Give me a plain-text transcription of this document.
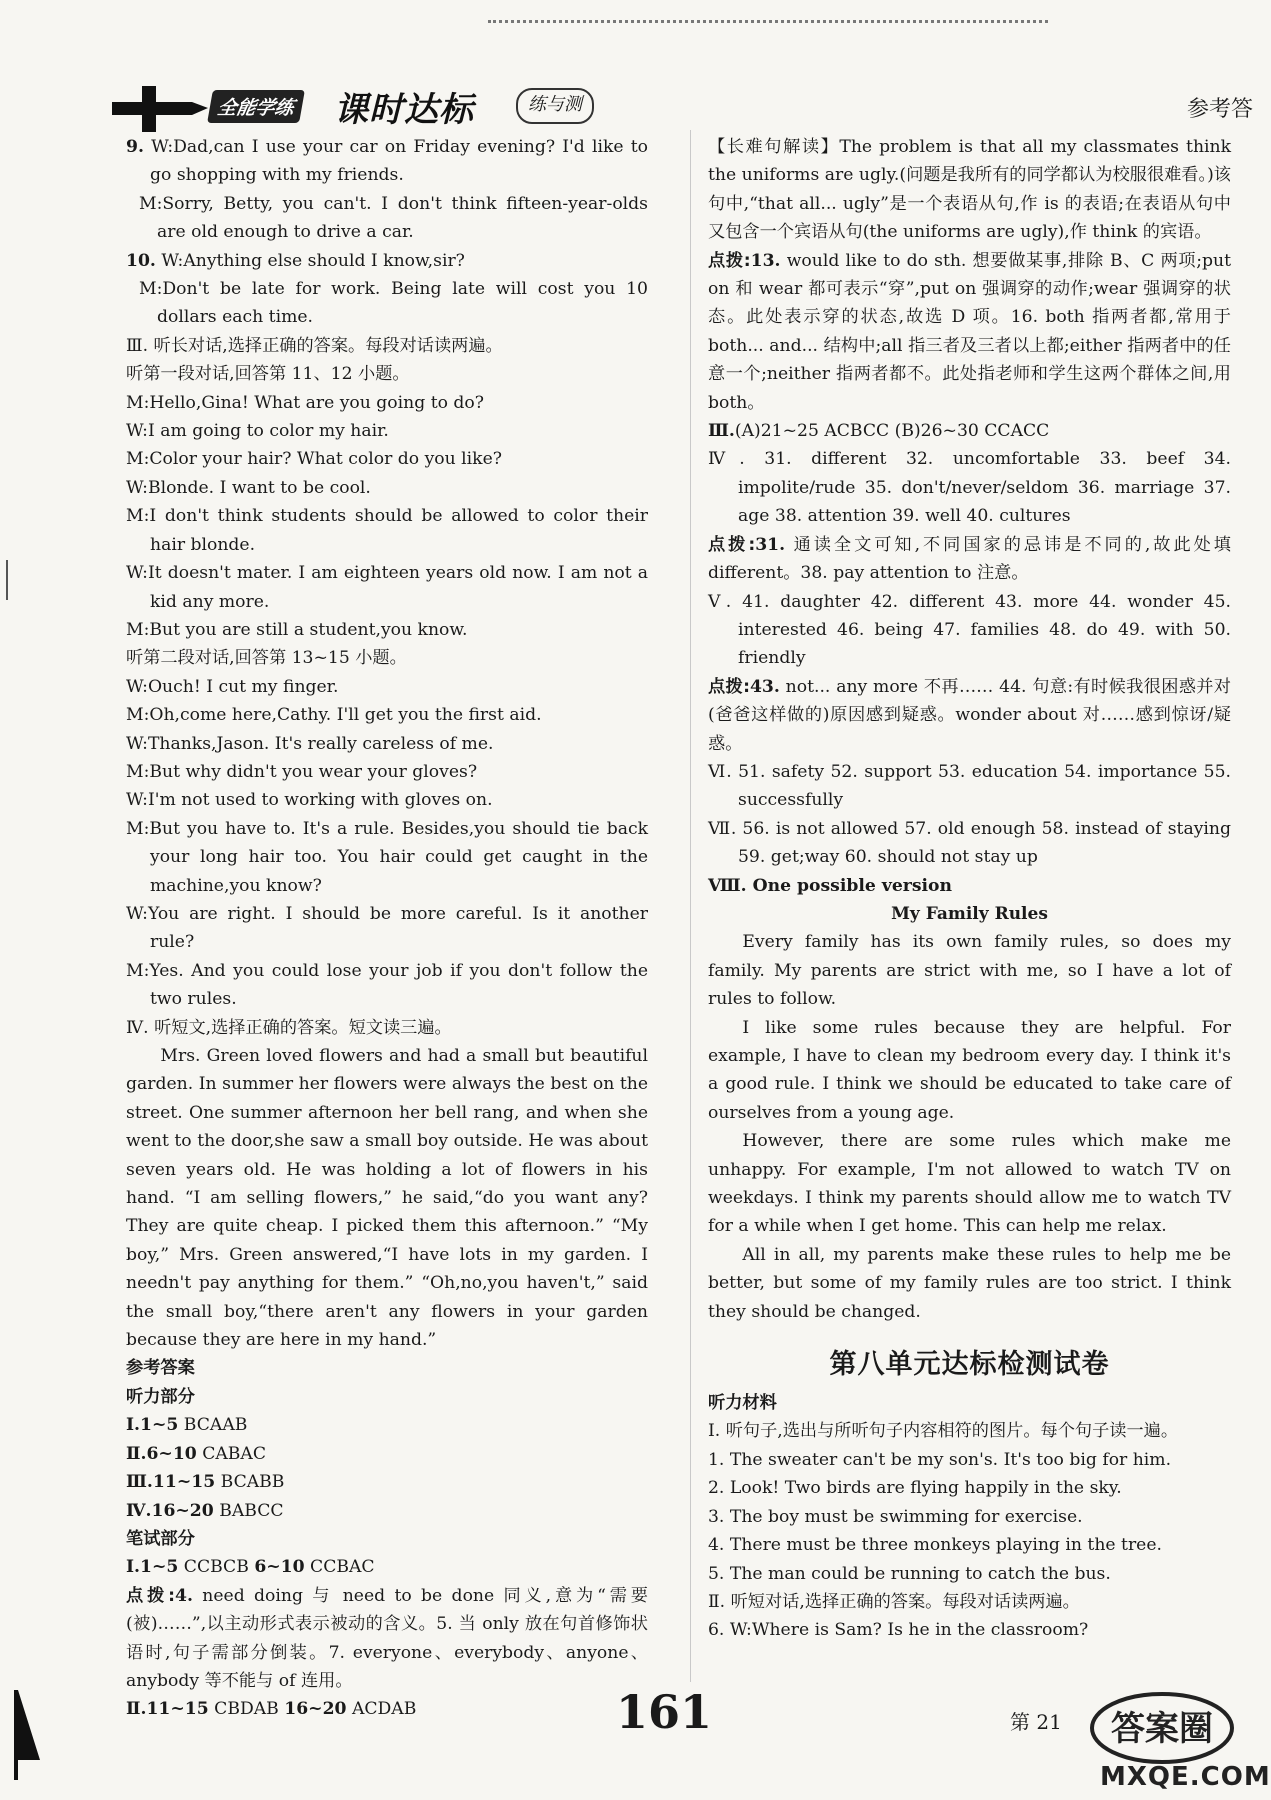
全能学练 课时达标	练与测	参考答

9. W:Dad,can I use your car on Friday evening? I'd like to go shopping with my friends.

M:Sorry, Betty, you can't. I don't think fifteen-year-olds are old enough to drive a car.

10. W:Anything else should I know,sir?

M:Don't be late for work. Being late will cost you 10 dollars each time.

Ⅲ. 听长对话,选择正确的答案。每段对话读两遍。

听第一段对话,回答第 11、12 小题。

M:Hello,Gina! What are you going to do?

W:I am going to color my hair.

M:Color your hair? What color do you like?

W:Blonde. I want to be cool.

M:I don't think students should be allowed to color their hair blonde.

W:It doesn't mater. I am eighteen years old now. I am not a kid any more.

M:But you are still a student,you know.

听第二段对话,回答第 13~15 小题。

W:Ouch! I cut my finger.

M:Oh,come here,Cathy. I'll get you the first aid.

W:Thanks,Jason. It's really careless of me.

M:But why didn't you wear your gloves?

W:I'm not used to working with gloves on.

M:But you have to. It's a rule. Besides,you should tie back your long hair too. You hair could get caught in the machine,you know?

W:You are right. I should be more careful. Is it another rule?

M:Yes. And you could lose your job if you don't follow the two rules.

Ⅳ. 听短文,选择正确的答案。短文读三遍。

Mrs. Green loved flowers and had a small but beautiful garden. In summer her flowers were always the best on the street. One summer afternoon her bell rang, and when she went to the door,she saw a small boy outside. He was about seven years old. He was holding a lot of flowers in his hand. “I am selling flowers,” he said,“do you want any? They are quite cheap. I picked them this afternoon.” “My boy,” Mrs. Green answered,“I have lots in my garden. I needn't pay anything for them.” “Oh,no,you haven't,” said the small boy,“there aren't any flowers in your garden because they are here in my hand.”

参考答案

听力部分

Ⅰ.1~5 BCAAB

Ⅱ.6~10 CABAC

Ⅲ.11~15 BCABB

Ⅳ.16~20 BABCC

笔试部分

Ⅰ.1~5 CCBCB 6~10 CCBAC

点拨:4. need doing 与 need to be done 同义,意为“需要(被)……”,以主动形式表示被动的含义。5. 当 only 放在句首修饰状语时,句子需部分倒装。7. everyone、everybody、anyone、anybody 等不能与 of 连用。

Ⅱ.11~15 CBDAB 16~20 ACDAB

【长难句解读】The problem is that all my classmates think the uniforms are ugly.(问题是我所有的同学都认为校服很难看。)该句中,“that all... ugly”是一个表语从句,作 is 的表语;在表语从句中又包含一个宾语从句(the uniforms are ugly),作 think 的宾语。

点拨:13. would like to do sth. 想要做某事,排除 B、C 两项;put on 和 wear 都可表示“穿”,put on 强调穿的动作;wear 强调穿的状态。此处表示穿的状态,故选 D 项。16. both 指两者都,常用于 both... and... 结构中;all 指三者及三者以上都;either 指两者中的任意一个;neither 指两者都不。此处指老师和学生这两个群体之间,用 both。

Ⅲ.(A)21~25 ACBCC (B)26~30 CCACC

Ⅳ. 31. different 32. uncomfortable 33. beef 34. impolite/rude 35. don't/never/seldom 36. marriage 37. age 38. attention 39. well 40. cultures

点拨:31. 通读全文可知,不同国家的忌讳是不同的,故此处填 different。38. pay attention to 注意。

Ⅴ. 41. daughter 42. different 43. more 44. wonder 45. interested 46. being 47. families 48. do 49. with 50. friendly

点拨:43. not... any more 不再…… 44. 句意:有时候我很困惑并对(爸爸这样做的)原因感到疑惑。wonder about 对……感到惊讶/疑惑。

Ⅵ. 51. safety 52. support 53. education 54. importance 55. successfully

Ⅶ. 56. is not allowed 57. old enough 58. instead of staying 59. get;way 60. should not stay up

Ⅷ. One possible version

My Family Rules

Every family has its own family rules, so does my family. My parents are strict with me, so I have a lot of rules to follow.

I like some rules because they are helpful. For example, I have to clean my bedroom every day. I think it's a good rule. I think we should be educated to take care of ourselves from a young age.

However, there are some rules which make me unhappy. For example, I'm not allowed to watch TV on weekdays. I think my parents should allow me to watch TV for a while when I get home. This can help me relax.

All in all, my parents make these rules to help me be better, but some of my family rules are too strict. I think they should be changed.

第八单元达标检测试卷

听力材料

Ⅰ. 听句子,选出与所听句子内容相符的图片。每个句子读一遍。

1. The sweater can't be my son's. It's too big for him.

2. Look! Two birds are flying happily in the sky.

3. The boy must be swimming for exercise.

4. There must be three monkeys playing in the tree.

5. The man could be running to catch the bus.

Ⅱ. 听短对话,选择正确的答案。每段对话读两遍。

6. W:Where is Sam? Is he in the classroom?

161	第 21 答案圈
MXQE.COM
